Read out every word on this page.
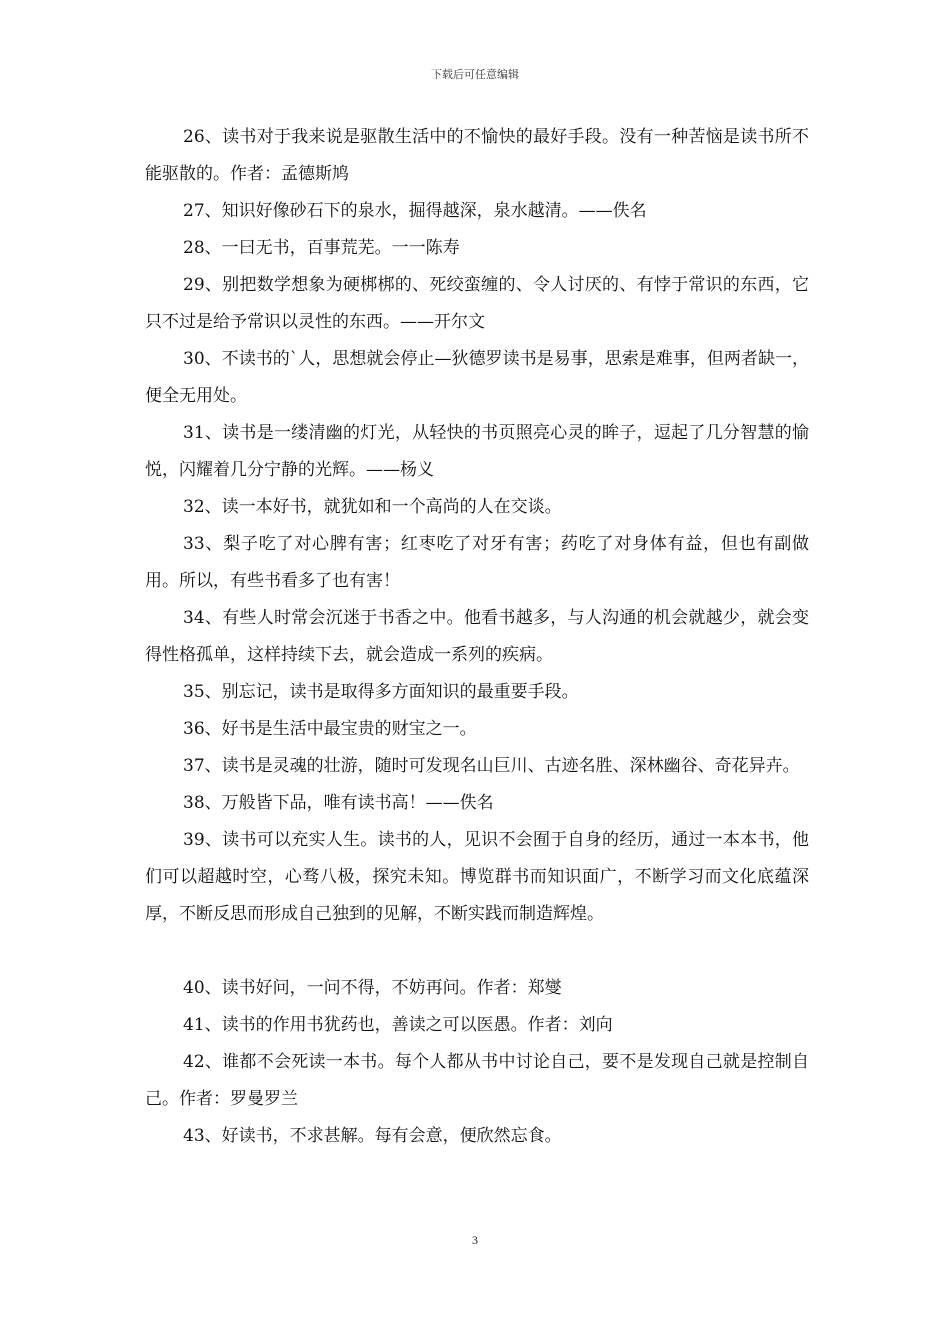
下载后可任意编辑

26、读书对于我来说是驱散生活中的不愉快的最好手段。没有一种苦恼是读书所不能驱散的。作者：孟德斯鸠

27、知识好像砂石下的泉水，掘得越深，泉水越清。——佚名

28、一曰无书，百事荒芜。一一陈寿

29、别把数学想象为硬梆梆的、死绞蛮缠的、令人讨厌的、有悖于常识的东西，它只不过是给予常识以灵性的东西。——开尔文

30、不读书的`人，思想就会停止—狄德罗读书是易事，思索是难事，但两者缺一，便全无用处。

31、读书是一缕清幽的灯光，从轻快的书页照亮心灵的眸子，逗起了几分智慧的愉悦，闪耀着几分宁静的光辉。——杨义

32、读一本好书，就犹如和一个高尚的人在交谈。

33、梨子吃了对心脾有害；红枣吃了对牙有害；药吃了对身体有益，但也有副做用。所以，有些书看多了也有害！

34、有些人时常会沉迷于书香之中。他看书越多，与人沟通的机会就越少，就会变得性格孤单，这样持续下去，就会造成一系列的疾病。

35、别忘记，读书是取得多方面知识的最重要手段。

36、好书是生活中最宝贵的财宝之一。

37、读书是灵魂的壮游，随时可发现名山巨川、古迹名胜、深林幽谷、奇花异卉。

38、万般皆下品，唯有读书高！——佚名

39、读书可以充实人生。读书的人，见识不会囿于自身的经历，通过一本本书，他们可以超越时空，心骛八极，探究未知。博览群书而知识面广，不断学习而文化底蕴深厚，不断反思而形成自己独到的见解，不断实践而制造辉煌。

40、读书好问，一问不得，不妨再问。作者：郑燮

41、读书的作用书犹药也，善读之可以医愚。作者：刘向

42、谁都不会死读一本书。每个人都从书中讨论自己，要不是发现自己就是控制自己。作者：罗曼罗兰

43、好读书，不求甚解。每有会意，便欣然忘食。

3
